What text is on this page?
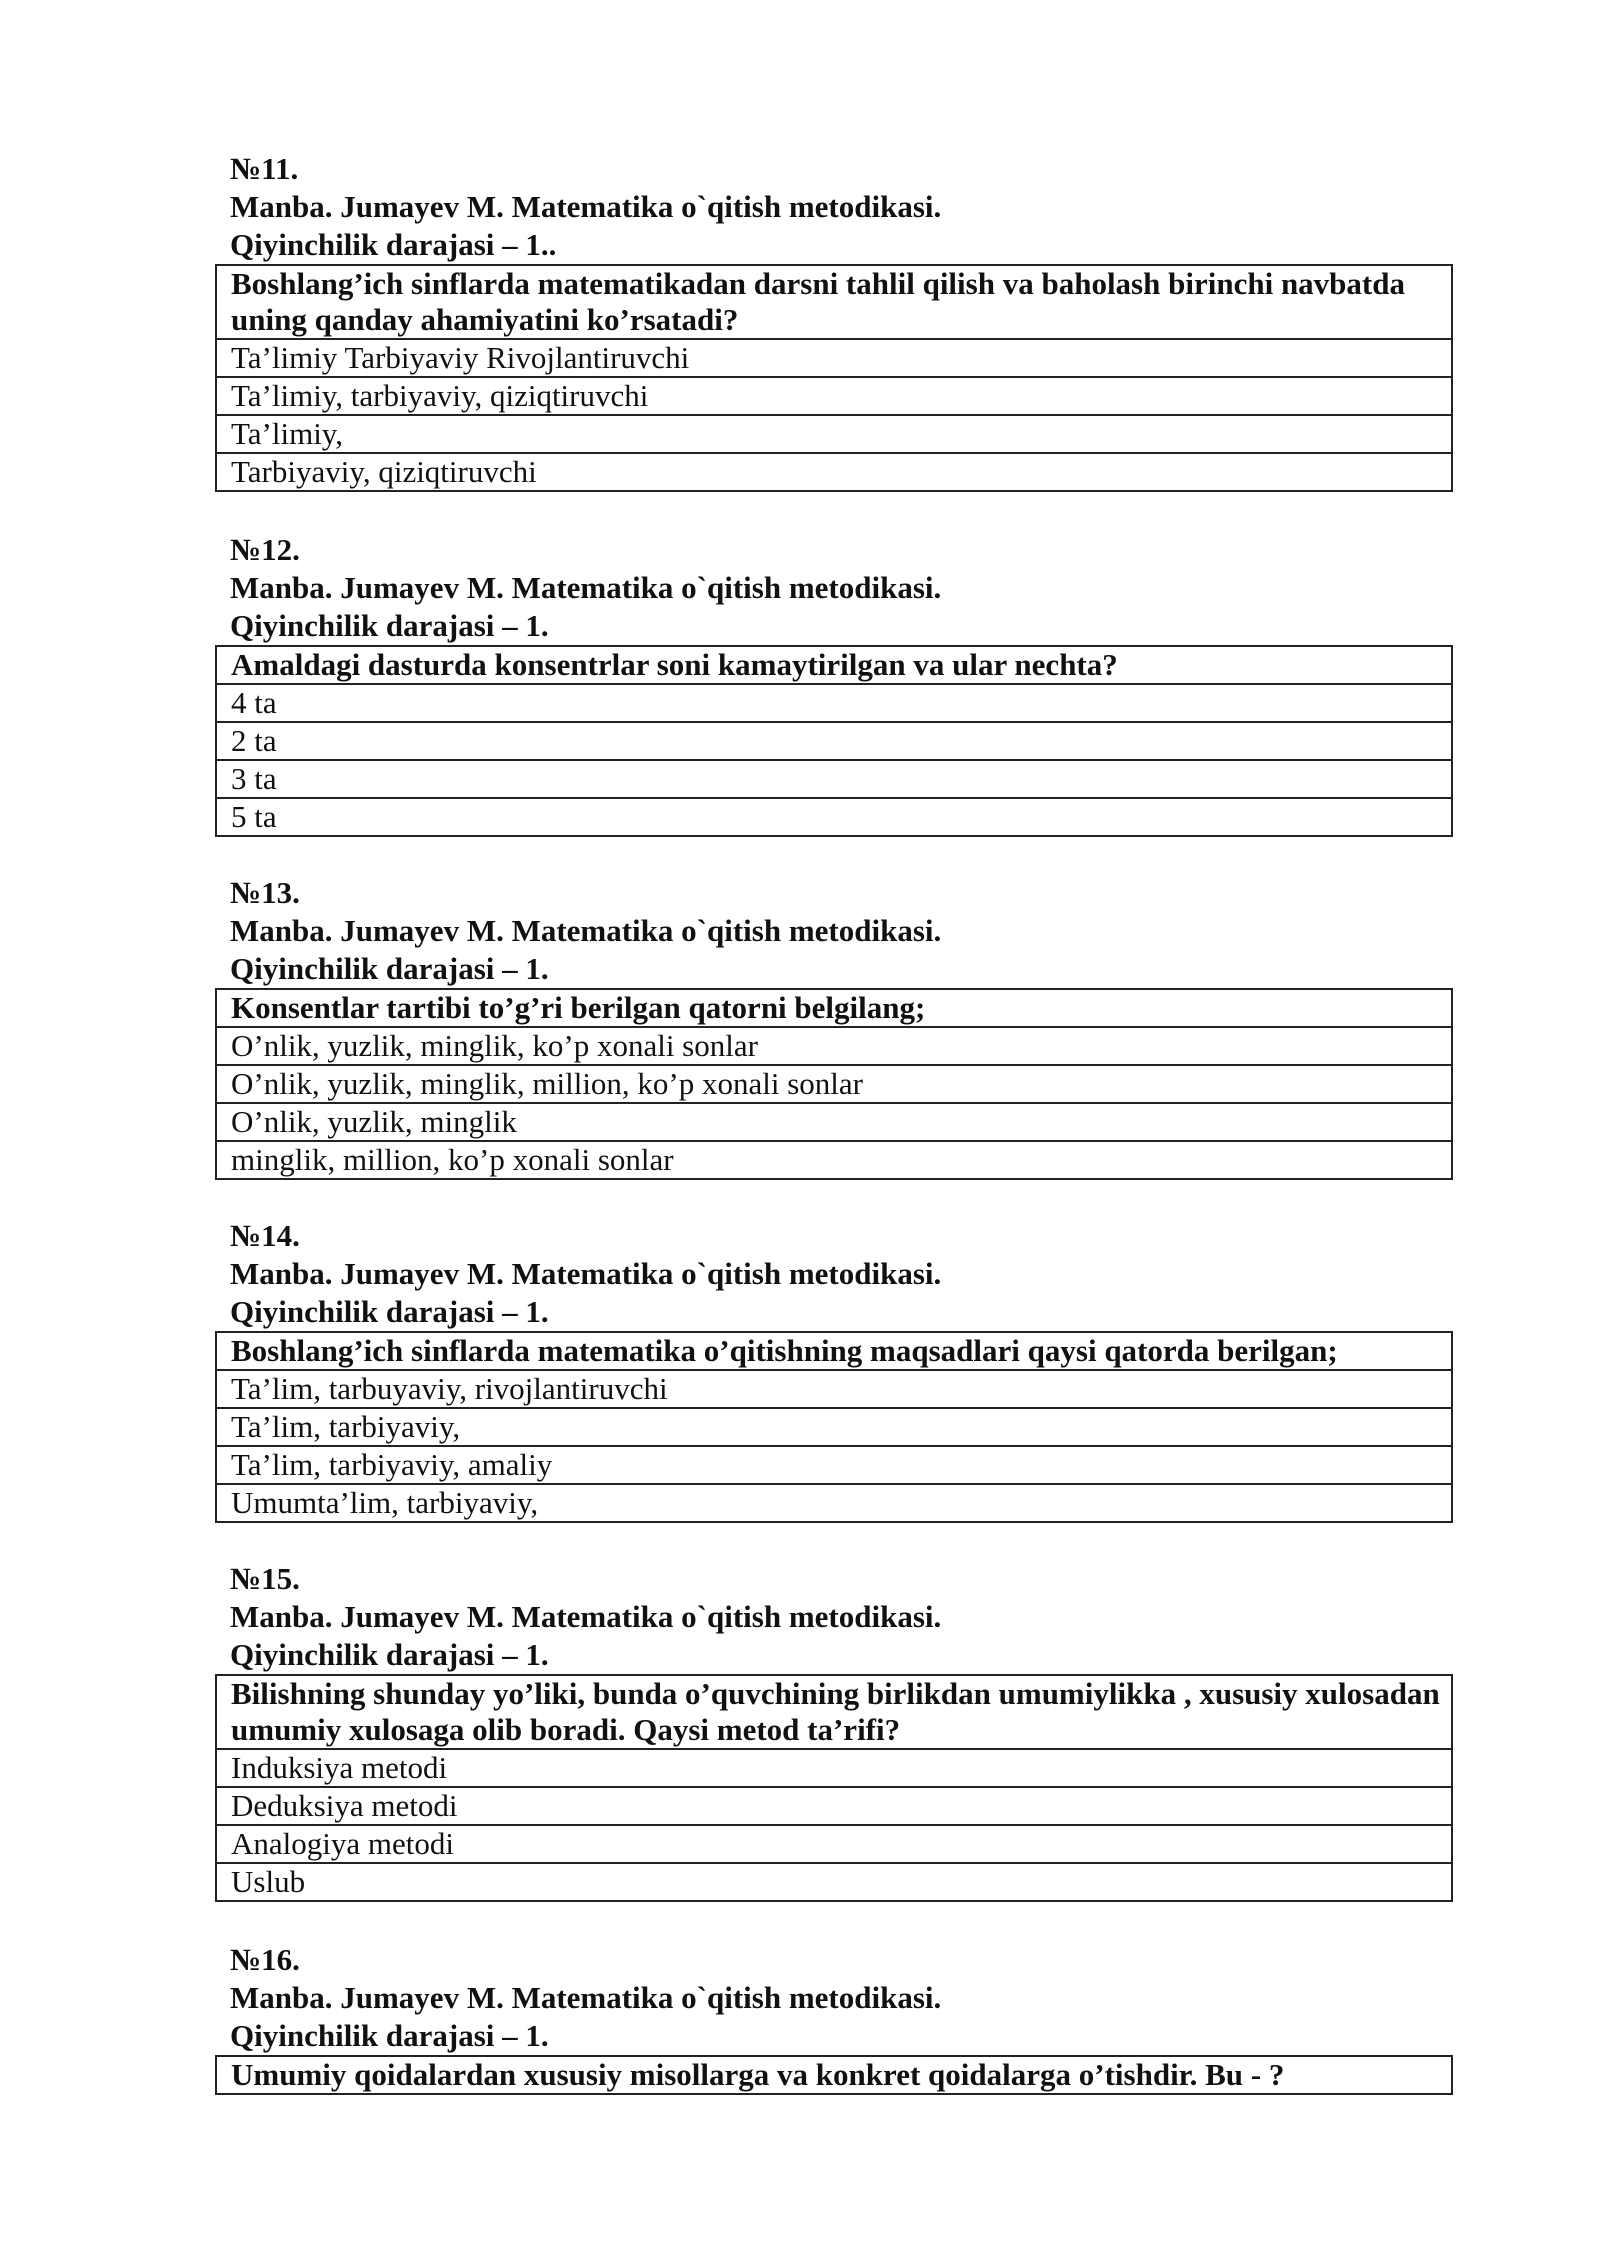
№11.
Manba. Jumayev M. Matematika o`qitish metodikasi.
Qiyinchilik darajasi – 1..
Boshlang’ich sinflarda matematikadan darsni tahlil qilish va baholash birinchi navbatda uning qanday ahamiyatini ko’rsatadi?
Ta’limiy Tarbiyaviy Rivojlantiruvchi
Ta’limiy, tarbiyaviy, qiziqtiruvchi
Ta’limiy,
Tarbiyaviy, qiziqtiruvchi
№12.
Manba. Jumayev M. Matematika o`qitish metodikasi.
Qiyinchilik darajasi – 1.
Amaldagi dasturda konsentrlar soni kamaytirilgan va ular nechta?
4 ta
2 ta
3 ta
5 ta
№13.
Manba. Jumayev M. Matematika o`qitish metodikasi.
Qiyinchilik darajasi – 1.
Konsentlar tartibi to’g’ri berilgan qatorni belgilang;
O’nlik, yuzlik, minglik, ko’p xonali sonlar
O’nlik, yuzlik, minglik, million, ko’p xonali sonlar
O’nlik, yuzlik, minglik
minglik, million, ko’p xonali sonlar
№14.
Manba. Jumayev M. Matematika o`qitish metodikasi.
Qiyinchilik darajasi – 1.
Boshlang’ich sinflarda matematika o’qitishning maqsadlari qaysi qatorda berilgan;
Ta’lim, tarbuyaviy, rivojlantiruvchi
Ta’lim, tarbiyaviy,
Ta’lim, tarbiyaviy, amaliy
Umumta’lim, tarbiyaviy,
№15.
Manba. Jumayev M. Matematika o`qitish metodikasi.
Qiyinchilik darajasi – 1.
Bilishning shunday yo’liki, bunda o’quvchining birlikdan umumiylikka , xususiy xulosadan umumiy xulosaga olib boradi. Qaysi metod ta’rifi?
Induksiya metodi
Deduksiya metodi
Analogiya metodi
Uslub
№16.
Manba. Jumayev M. Matematika o`qitish metodikasi.
Qiyinchilik darajasi – 1.
Umumiy qoidalardan xususiy misollarga va konkret qoidalarga o’tishdir. Bu - ?
